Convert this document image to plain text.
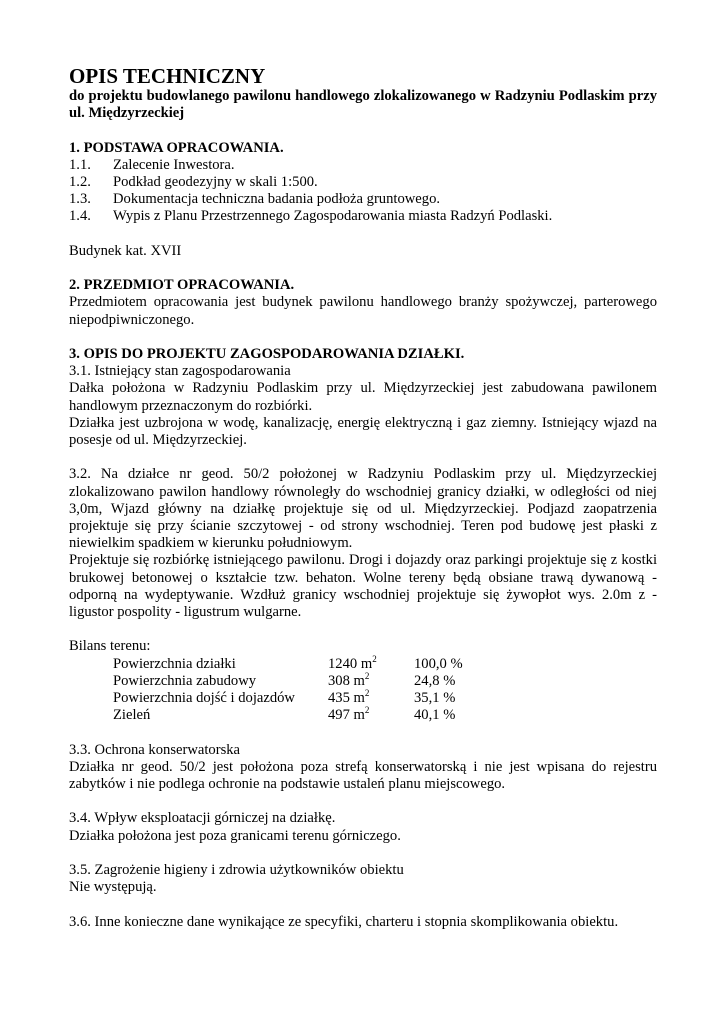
OPIS TECHNICZNY

do projektu budowlanego pawilonu handlowego zlokalizowanego w Radzyniu Podlaskim przy ul. Międzyrzeckiej

1. PODSTAWA OPRACOWANIA.

1.1.	Zalecenie Inwestora.
1.2.	Podkład geodezyjny w skali 1:500.
1.3.	Dokumentacja techniczna badania podłoża gruntowego.
1.4.	Wypis z Planu Przestrzennego Zagospodarowania miasta Radzyń Podlaski.

Budynek kat. XVII

2. PRZEDMIOT OPRACOWANIA.

Przedmiotem opracowania jest budynek pawilonu handlowego branży spożywczej, parterowego niepodpiwniczonego.

3. OPIS DO PROJEKTU ZAGOSPODAROWANIA DZIAŁKI.

3.1. Istniejący stan zagospodarowania

Dałka położona w Radzyniu Podlaskim przy ul. Międzyrzeckiej jest zabudowana pawilonem handlowym przeznaczonym do rozbiórki.

Działka jest uzbrojona w wodę, kanalizację, energię elektryczną i gaz ziemny. Istniejący wjazd na posesje od ul. Międzyrzeckiej.

3.2. Na działce nr geod. 50/2 położonej w Radzyniu Podlaskim przy ul. Międzyrzeckiej zlokalizowano pawilon handlowy równoległy do wschodniej granicy działki, w odległości od niej 3,0m, Wjazd główny na działkę projektuje się od ul. Międzyrzeckiej. Podjazd zaopatrzenia projektuje się przy ścianie szczytowej - od strony wschodniej. Teren pod budowę jest płaski z niewielkim spadkiem w kierunku południowym.

Projektuje się rozbiórkę istniejącego pawilonu. Drogi i dojazdy oraz parkingi projektuje się z kostki brukowej betonowej o kształcie tzw. behaton. Wolne tereny będą obsiane trawą dywanową - odporną na wydeptywanie. Wzdłuż granicy wschodniej projektuje się żywopłot wys. 2.0m z - ligustor pospolity - ligustrum wulgarne.

Bilans terenu:

Powierzchnia działki	1240 $m^2$	100,0 %
Powierzchnia zabudowy	308 $m^2$	24,8 %
Powierzchnia dojść i dojazdów	435 $m^2$	35,1 %
Zieleń	497 $m^2$	40,1 %

3.3. Ochrona konserwatorska

Działka nr geod. 50/2 jest położona poza strefą konserwatorską i nie jest wpisana do rejestru zabytków i nie podlega ochronie na podstawie ustaleń planu miejscowego.

3.4. Wpływ eksploatacji górniczej na działkę.

Działka położona jest poza granicami terenu górniczego.

3.5. Zagrożenie higieny i zdrowia użytkowników obiektu

Nie występują.

3.6. Inne konieczne dane wynikające ze specyfiki, charteru i stopnia skomplikowania obiektu.
